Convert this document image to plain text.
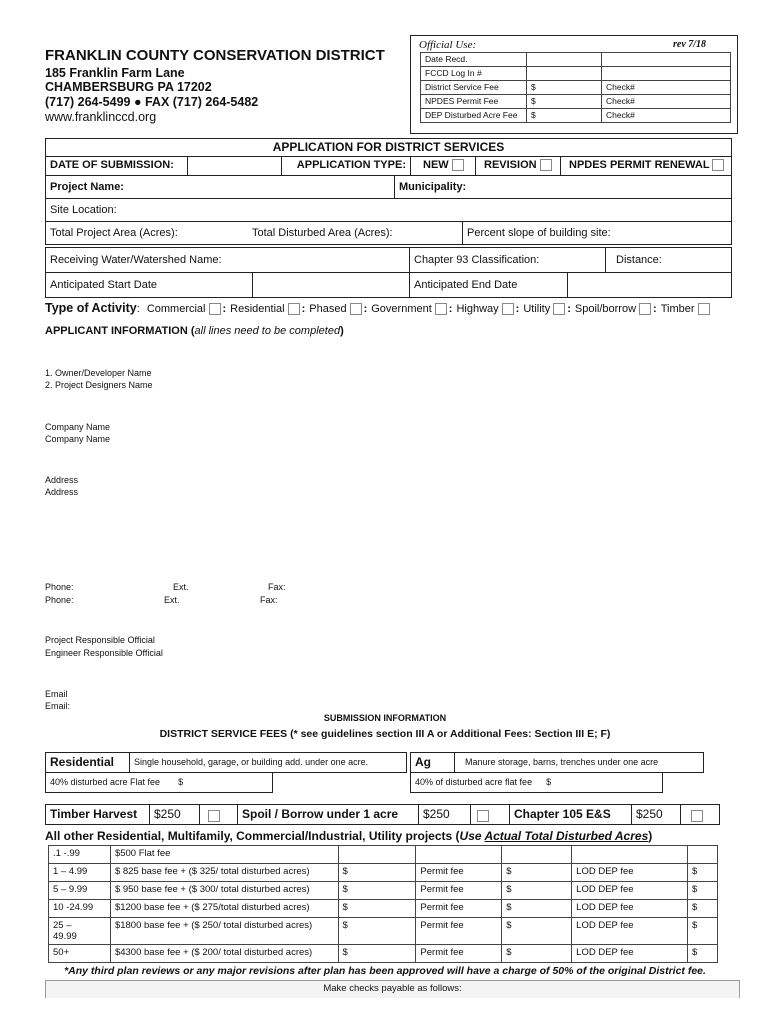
FRANKLIN COUNTY CONSERVATION DISTRICT
185 Franklin Farm Lane
CHAMBERSBURG PA 17202
(717) 264-5499 ● FAX (717) 264-5482
www.franklinccd.org
Official Use:	rev 7/18
Date Recd.
FCCD Log In #
District Service Fee	$	Check#
NPDES Permit Fee	$	Check#
DEP Disturbed Acre Fee	$	Check#
APPLICATION FOR DISTRICT SERVICES
DATE OF SUBMISSION:	APPLICATION TYPE:	NEW	REVISION	NPDES PERMIT RENEWAL
Project Name:	Municipality:
Site Location:
Total Project Area (Acres):	Total Disturbed Area (Acres):	Percent slope of building site:
Receiving Water/Watershed Name:	Chapter 93 Classification:	Distance:
Anticipated Start Date	Anticipated End Date
Type of Activity: Commercial : Residential : Phased : Government : Highway : Utility : Spoil/borrow : Timber
APPLICANT INFORMATION (all lines need to be completed)
1. Owner/Developer Name
2. Project Designers Name
Company Name
Company Name
Address
Address
Phone:	Ext.	Fax:
Phone:	Ext.	Fax:
Project Responsible Official
Engineer Responsible Official
Email
Email:
SUBMISSION INFORMATION
DISTRICT SERVICE FEES (* see guidelines section III A or Additional Fees: Section III E; F)
Residential	Single household, garage, or building add. under one acre.
40% disturbed acre Flat fee $
Ag	Manure storage, barns, trenches under one acre
40% of disturbed acre flat fee $
Timber Harvest	$250	Spoil / Borrow under 1 acre	$250	Chapter 105 E&S	$250
All other Residential, Multifamily, Commercial/Industrial, Utility projects (Use Actual Total Disturbed Acres)
.1 -.99	$500 Flat fee					
1 – 4.99	$ 825 base fee + ($ 325/ total disturbed acres)	$	Permit fee	$	LOD DEP fee	$
5 – 9.99	$ 950 base fee + ($ 300/ total disturbed acres)	$	Permit fee	$	LOD DEP fee	$
10 -24.99	$1200 base fee + ($ 275/total disturbed acres)	$	Permit fee	$	LOD DEP fee	$
25 –
49.99	$1800 base fee + ($ 250/ total disturbed acres)	$	Permit fee	$	LOD DEP fee	$
50+	$4300 base fee + ($ 200/ total disturbed acres)	$	Permit fee	$	LOD DEP fee	$
*Any third plan reviews or any major revisions after plan has been approved will have a charge of 50% of the original District fee.
Make checks payable as follows:
